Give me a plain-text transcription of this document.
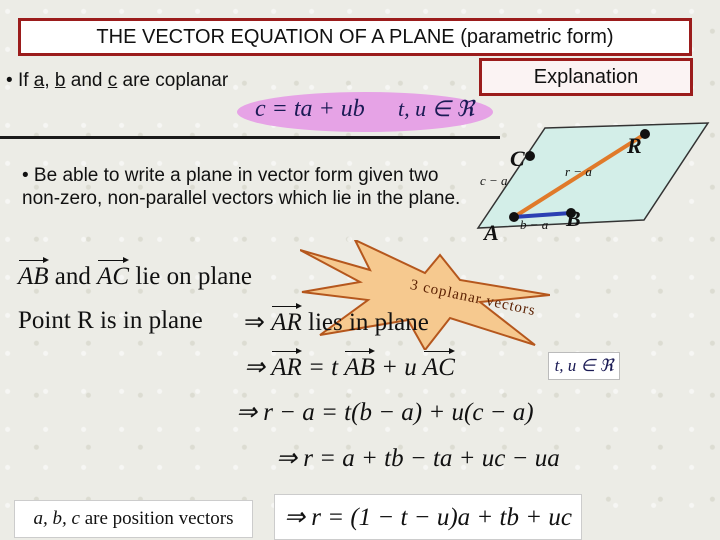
THE VECTOR EQUATION OF A PLANE (parametric form)
Explanation
• If a, b and c are coplanar
c = ta + ub t, u ∈ ℜ
• Be able to write a plane in vector form given two non-zero, non-parallel vectors which lie in the plane.
A
B
C
R
c − a
r − a
b − a
3 coplanar vectors
AB and AC lie on plane
Point R is in plane ⇒ AR lies in plane
⇒ AR = t AB + u AC
⇒ r − a = t(b − a) + u(c − a)
⇒ r = a + tb − ta + uc − ua
t, u ∈ ℜ
a, b, c
are position vectors ⇒ r = (1 − t − u)a + tb + uc
